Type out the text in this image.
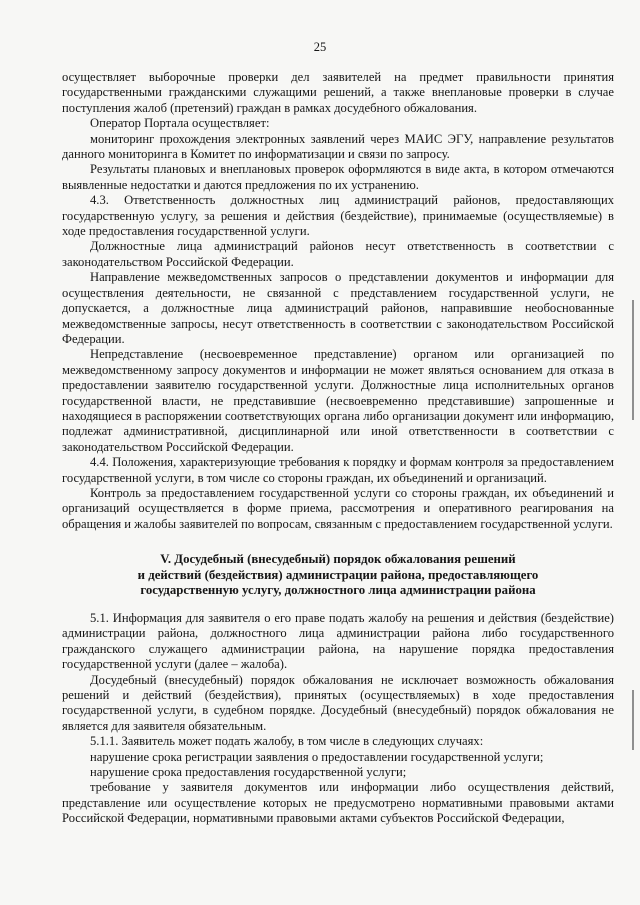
25

осуществляет выборочные проверки дел заявителей на предмет правильности принятия государственными гражданскими служащими решений, а также внеплановые проверки в случае поступления жалоб (претензий) граждан в рамках досудебного обжалования.

Оператор Портала осуществляет:

мониторинг прохождения электронных заявлений через МАИС ЭГУ, направление результатов данного мониторинга в Комитет по информатизации и связи по запросу.

Результаты плановых и внеплановых проверок оформляются в виде акта, в котором отмечаются выявленные недостатки и даются предложения по их устранению.

4.3. Ответственность должностных лиц администраций районов, предоставляющих государственную услугу, за решения и действия (бездействие), принимаемые (осуществляемые) в ходе предоставления государственной услуги.

Должностные лица администраций районов несут ответственность в соответствии с законодательством Российской Федерации.

Направление межведомственных запросов о представлении документов и информации для осуществления деятельности, не связанной с представлением государственной услуги, не допускается, а должностные лица администраций районов, направившие необоснованные межведомственные запросы, несут ответственность в соответствии с законодательством Российской Федерации.

Непредставление (несвоевременное представление) органом или организацией по межведомственному запросу документов и информации не может являться основанием для отказа в предоставлении заявителю государственной услуги. Должностные лица исполнительных органов государственной власти, не представившие (несвоевременно представившие) запрошенные и находящиеся в распоряжении соответствующих органа либо организации документ или информацию, подлежат административной, дисциплинарной или иной ответственности в соответствии с законодательством Российской Федерации.

4.4. Положения, характеризующие требования к порядку и формам контроля за предоставлением государственной услуги, в том числе со стороны граждан, их объединений и организаций.

Контроль за предоставлением государственной услуги со стороны граждан, их объединений и организаций осуществляется в форме приема, рассмотрения и оперативного реагирования на обращения и жалобы заявителей по вопросам, связанным с предоставлением государственной услуги.

V. Досудебный (внесудебный) порядок обжалования решений
и действий (бездействия) администрации района, предоставляющего
государственную услугу, должностного лица администрации района

5.1. Информация для заявителя о его праве подать жалобу на решения и действия (бездействие) администрации района, должностного лица администрации района либо государственного гражданского служащего администрации района, на нарушение порядка предоставления государственной услуги (далее – жалоба).

Досудебный (внесудебный) порядок обжалования не исключает возможность обжалования решений и действий (бездействия), принятых (осуществляемых) в ходе предоставления государственной услуги, в судебном порядке. Досудебный (внесудебный) порядок обжалования не является для заявителя обязательным.

5.1.1. Заявитель может подать жалобу, в том числе в следующих случаях:

нарушение срока регистрации заявления о предоставлении государственной услуги;

нарушение срока предоставления государственной услуги;

требование у заявителя документов или информации либо осуществления действий, представление или осуществление которых не предусмотрено нормативными правовыми актами Российской Федерации, нормативными правовыми актами субъектов Российской Федерации,
